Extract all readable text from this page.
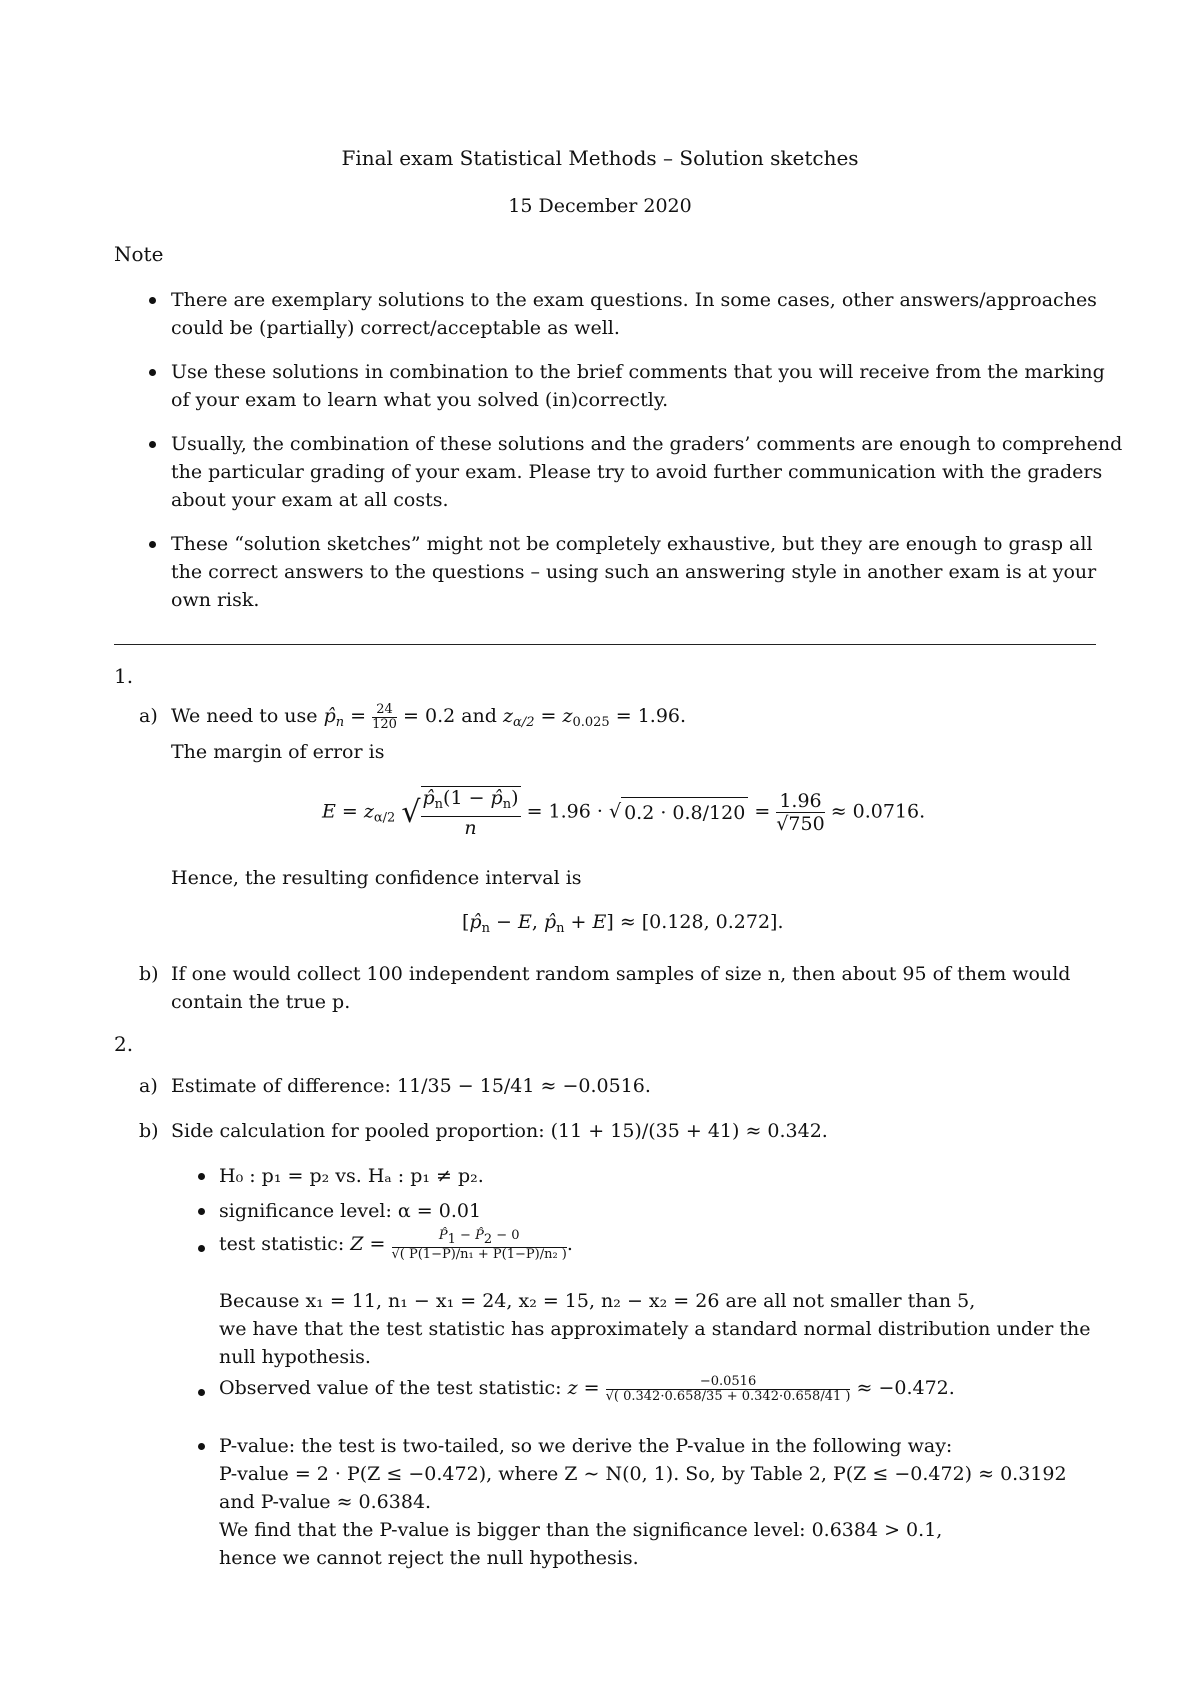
Final exam Statistical Methods – Solution sketches
15 December 2020
Note
There are exemplary solutions to the exam questions. In some cases, other answers/approaches
could be (partially) correct/acceptable as well.
Use these solutions in combination to the brief comments that you will receive from the marking
of your exam to learn what you solved (in)correctly.
Usually, the combination of these solutions and the graders’ comments are enough to comprehend
the particular grading of your exam. Please try to avoid further communication with the graders
about your exam at all costs.
These “solution sketches” might not be completely exhaustive, but they are enough to grasp all
the correct answers to the questions – using such an answering style in another exam is at your
own risk.
1.
a) We need to use $p̂_n = \frac{24}{120} = 0.2$ and $z_{\alpha/2} = z_{0.025} = 1.96$.
The margin of error is
$E = z_{\alpha/2}$ √ $\frac{p̂_n(1 - p̂_n)}{n} = 1.96$ · √ $0.2 \cdot 0.8/120 = \frac{1.96}{√750} \approx 0.0716$.
Hence, the resulting confidence interval is
[$p̂_n - E$, $p̂_n + E] \approx [0.128$, 0.272].
b) If one would collect 100 independent random samples of size n, then about 95 of them would
contain the true p.
2.
a) Estimate of difference: 11/35 − 15/41 ≈ −0.0516.
b) Side calculation for pooled proportion: (11 + 15)/(35 + 41) ≈ 0.342.
H₀ : p₁ = p₂ vs. Hₐ : p₁ ≠ p₂.
significance level: α = 0.01
test statistic: $Z = \frac{P̂1 - P̂2 - 0}{\text{√( P(1−P)/n₁ + P(1−P)/n₂ )}}$ .
Because x₁ = 11, n₁ − x₁ = 24, x₂ = 15, n₂ − x₂ = 26 are all not smaller than 5,
we have that the test statistic has approximately a standard normal distribution under the
null hypothesis.
Observed value of the test statistic: $z = \frac{-0.0516}{√( 0.342\cdot 0.658/35 + 0.342\cdot 0.658/41 )} \approx -0.472$.
P-value: the test is two-tailed, so we derive the P-value in the following way:
P-value = 2 · P(Z ≤ −0.472), where Z ∼ N(0, 1). So, by Table 2, P(Z ≤ −0.472) ≈ 0.3192
and P-value ≈ 0.6384.
We find that the P-value is bigger than the significance level: 0.6384 > 0.1,
hence we cannot reject the null hypothesis.
